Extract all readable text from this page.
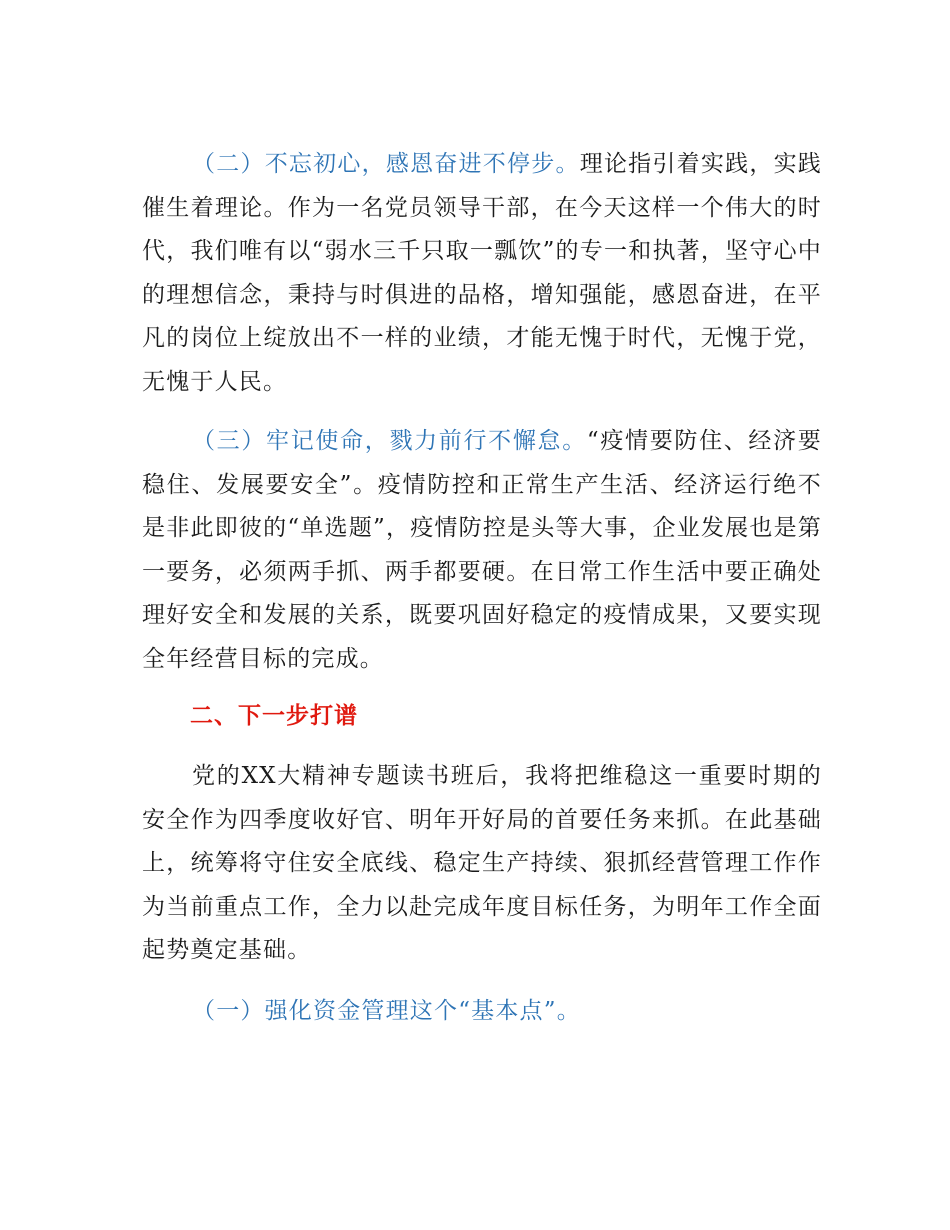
（二）不忘初心，感恩奋进不停步。理论指引着实践，实践催生着理论。作为一名党员领导干部，在今天这样一个伟大的时代，我们唯有以“弱水三千只取一瓢饮”的专一和执著，坚守心中的理想信念，秉持与时俱进的品格，增知强能，感恩奋进，在平凡的岗位上绽放出不一样的业绩，才能无愧于时代，无愧于党，无愧于人民。

（三）牢记使命，戮力前行不懈怠。“疫情要防住、经济要稳住、发展要安全”。疫情防控和正常生产生活、经济运行绝不是非此即彼的“单选题”，疫情防控是头等大事，企业发展也是第一要务，必须两手抓、两手都要硬。在日常工作生活中要正确处理好安全和发展的关系，既要巩固好稳定的疫情成果，又要实现全年经营目标的完成。

二、下一步打谱

党的XX大精神专题读书班后，我将把维稳这一重要时期的安全作为四季度收好官、明年开好局的首要任务来抓。在此基础上，统筹将守住安全底线、稳定生产持续、狠抓经营管理工作作为当前重点工作，全力以赴完成年度目标任务，为明年工作全面起势奠定基础。

（一）强化资金管理这个“基本点”。
